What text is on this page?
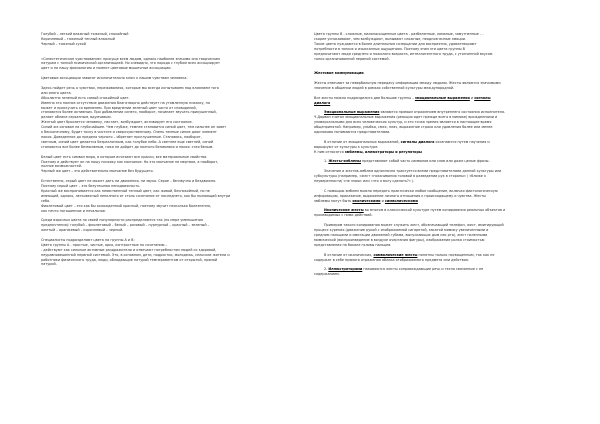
Голубой – легкий влажный тяжелый, спокойный

Коричневый – тяжелый теплый влажный

Черный – тяжелый сухой

«Синестетическое чувствование» присуще всем людям, однако наиболее значимо оно творческим

натурам с тонкой психической организацией. Но очевидно, что порода с глубже всех ассоциирует

цвет и на нашу физиологию и помнит цветовые мышечные ассоциации.

Цветовые ассоциации зависят исключительно ключ к нашим чувствам человека.

Здесь пойдет речь о чувствах, переживаниях, которые мы всегда испытываем под влиянием того

или иного цвета.

Абсолютно зеленый есть самый спокойный цвет.

Именно это полное отсутствие движения благотворно действует на утомленную психику, но

может и прискучить со временем. При вреднении зеленый цвет часто от сновидений,

становится более активным. При добавлении синего, наоборот, начинает звучать прикушенный,

делает облике серьезным, вдумчивым.

Желтый цвет бросается человеку, настает, возбуждает, активирует его состояние.

Синий же основан на глубочайшее. Чем глубже, темнее становится синий цвет, тем сильнее он зовет

к бесконечному, будит тоску в чистоте и сверхчувственному. Очень темные синие дают элемент

покоя. Доведенное до предела черного – обретает приглушенные. Становясь, наоборот,

светлым, синий цвет делается безразличным, как голубое небо. А светлее еще светлей, синий

становится все более безмолвным, пока не дойдет до полного безмолвия и покоя: стая белым.

Белый цвет есть символ мира, в котором исчезают все краски, все материальные свойства.

Поэтому и действует он на нашу психику как молчание. Но это молчание не мертвое, а наоборот,

полное возможностей.

Черный же цвет – это действительно молчание без будущего.

Естественно, серый цвет не может дать ни движения, ни звука. Серое – беззвучно и бездвижно.

Поэтому серый цвет – это безутешная неподвижность.

Красный же воспринимается как неявственный теплый цвет, как живой, беспокойный, но не

имеющий, однако, легковесный неполного от столь сочетание от последнего, как бы пылающий внутри

себя.

Фиолетовый цвет – это как бы охлажденный красный, поэтому звучит несколько болезненно,

как нечто погашенное и печальное.

Среди взрослых цвета по своей популярности распределяются так (по мере уменьшения

предпочтения): голубой – фиолетовый – белый – розовый – пурпурный – красный – зеленый –

желтый – оранжевый – коричневый – черный.

Специалисты подразделяют цвета на группы А и В:

Цвета группы А - простые, чистые, ярко, контрастные по сочетанию –

- действуют как сильные активные раздражители и отвечают потребностям людей со здоровой,

неуравновешенной нервной системой. Это, в основном, дети, подростки, молодежь, сельские жители и

работники физического труда, люди, обладающие натурой темпераментом от открытой, прямой

натурой.

Цвета группы В - сложные, малонасыщенные цвета - разбеленные, ломаные, замутненные - -

скорее успокаивают, чем возбуждают, вызывают сложные, неоднозначные эмоции.

Такие цвета нуждаются в более длительном созерцании для восприятия, удовлетворяют

потребности в тонких и изысканных ощущениях. Поэтому этим эти цвета группы В

предпочитают люди среднего и пожилого возраста, интеллигентного труда, с утонченной вкусом

тонко организованной нервной системой.

Жестовое коммуникации

Жесты отвечают за невербальную передачу информации между людьми. Жесты являются значимыми

значение в общении людей в рамках собственной культуры международной.

Все жесты можно подразделить две большие группы – эмоциональные выражения и сигналы

диалога

Эмоциональные выражения являются прямым отражением внутреннего состояния исполнителя.

Ч.Дарвин считал эмоциональные выражения (реакция идет прежде всего в мимике) врожденными и

универсальными для всех человеческих культур, и это точка зрения является в настоящее время

общепринятой. Например, улыбка, смех, плач, выражение страха или удивления более или менее

одинаково понимаются представителями.

В отличие от эмоциональных выражений, сигналы диалога осознаются путем научения и

варьируют от культуры к культуре.

К ним относятся эмблемы, иллюстраторы и регуляторы

1. Жесты-эмблемы представляют собой часть символов или слов или даже целые фразы.

Значение и жестов-эмблем однозначно трактуется всеми представителями данной культуры или

субкультуры (например, «жест «покачивания головой в разведении рук в стороны» / «ближе к

неуверенности/ «не знаю» или «что я могу сделать?» ).

С помощью эмблем можно передать практически любое сообщение, включая фактологическую

информацию, приказание, выражение личного отношения к происходящему и чувства. Жесты

эмблемы могут быть иконическими и символическими

Иконические жесты во многом в классической культуре путем копирования реальных объектов и

производимых с ними действий.

Примером такого копирования может служить жест, обозначающий телефон, жест, имитирующий

процесс курения (движение рукой с изображаемой сигаретой, закатой мимику увеличенными и

средним пальцами и имитации движений губами, выпускающих дым изо рта), жест полезными

мимической (воспроизведение в воздухе очертания фигуры), изображение ролка стоимостью

представления на бокале головы пальцев.

В отличие от иконических, символические жесты понятны только посвященным, так как не

содержат в себе прямого отражения облика отображаемого предмета или действия.

2. Иллюстраторами называются жесты сопровождающие речь и тесно связанные с ее

содержанием.
